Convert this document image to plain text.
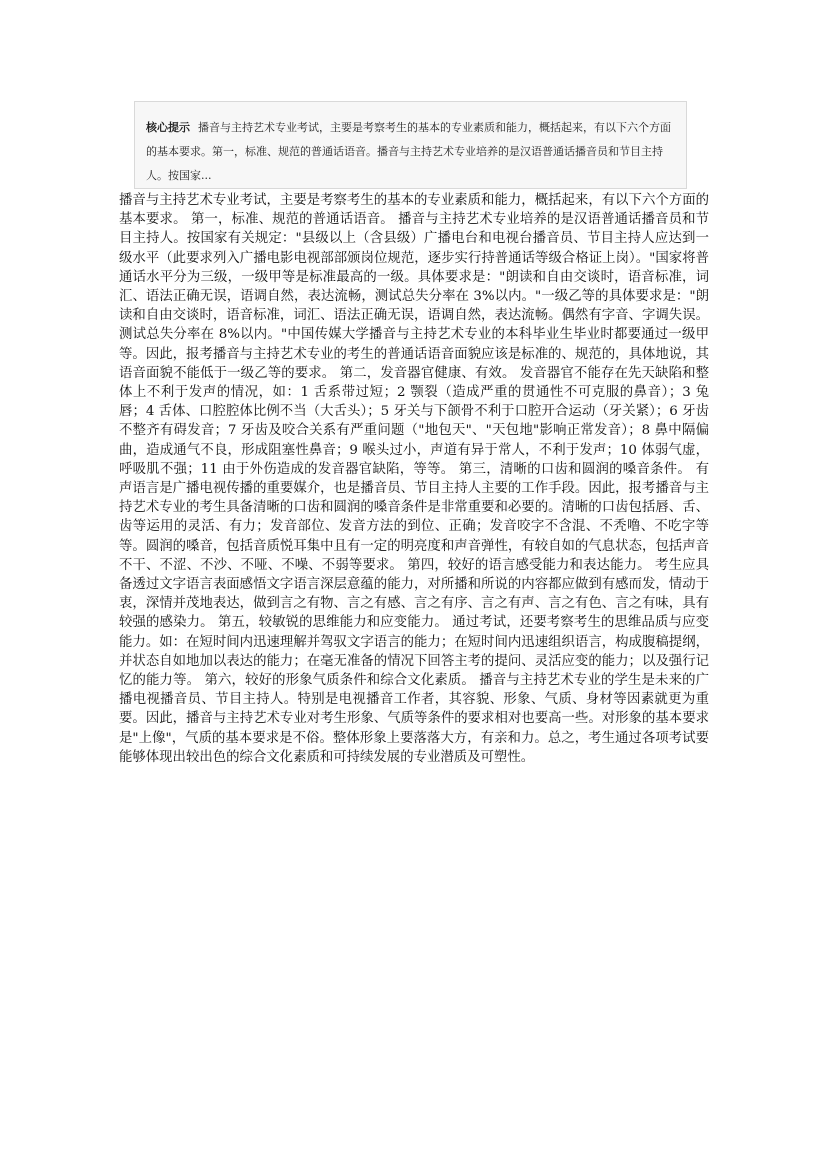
核心提示 播音与主持艺术专业考试，主要是考察考生的基本的专业素质和能力，概括起来，有以下六个方面的基本要求。第一，标准、规范的普通话语音。播音与主持艺术专业培养的是汉语普通话播音员和节目主持人。按国家...

播音与主持艺术专业考试，主要是考察考生的基本的专业素质和能力，概括起来，有以下六个方面的基本要求。 第一，标准、规范的普通话语音。 播音与主持艺术专业培养的是汉语普通话播音员和节目主持人。按国家有关规定："县级以上（含县级）广播电台和电视台播音员、节目主持人应达到一级水平（此要求列入广播电影电视部部颁岗位规范，逐步实行持普通话等级合格证上岗）。"国家将普通话水平分为三级，一级甲等是标准最高的一级。具体要求是："朗读和自由交谈时，语音标准，词汇、语法正确无误，语调自然，表达流畅，测试总失分率在 3%以内。"一级乙等的具体要求是："朗读和自由交谈时，语音标准，词汇、语法正确无误，语调自然，表达流畅。偶然有字音、字调失误。测试总失分率在 8%以内。"中国传媒大学播音与主持艺术专业的本科毕业生毕业时都要通过一级甲等。因此，报考播音与主持艺术专业的考生的普通话语音面貌应该是标准的、规范的，具体地说，其语音面貌不能低于一级乙等的要求。 第二，发音器官健康、有效。 发音器官不能存在先天缺陷和整体上不利于发声的情况，如：1 舌系带过短；2 颚裂（造成严重的贯通性不可克服的鼻音）；3 兔唇；4 舌体、口腔腔体比例不当（大舌头）；5 牙关与下颌骨不利于口腔开合运动（牙关紧）；6 牙齿不整齐有碍发音；7 牙齿及咬合关系有严重问题（"地包天"、"天包地"影响正常发音）；8 鼻中隔偏曲，造成通气不良，形成阻塞性鼻音；9 喉头过小，声道有异于常人，不利于发声；10 体弱气虚，呼吸肌不强；11 由于外伤造成的发音器官缺陷，等等。 第三，清晰的口齿和圆润的嗓音条件。 有声语言是广播电视传播的重要媒介，也是播音员、节目主持人主要的工作手段。因此，报考播音与主持艺术专业的考生具备清晰的口齿和圆润的嗓音条件是非常重要和必要的。清晰的口齿包括唇、舌、齿等运用的灵活、有力；发音部位、发音方法的到位、正确；发音咬字不含混、不秃噜、不吃字等等。圆润的嗓音，包括音质悦耳集中且有一定的明亮度和声音弹性，有较自如的气息状态，包括声音不干、不涩、不沙、不哑、不噪、不弱等要求。 第四，较好的语言感受能力和表达能力。 考生应具备透过文字语言表面感悟文字语言深层意蕴的能力，对所播和所说的内容都应做到有感而发，情动于衷，深情并茂地表达，做到言之有物、言之有感、言之有序、言之有声、言之有色、言之有味，具有较强的感染力。 第五，较敏锐的思维能力和应变能力。 通过考试，还要考察考生的思维品质与应变能力。如：在短时间内迅速理解并驾驭文字语言的能力；在短时间内迅速组织语言，构成腹稿提纲，并状态自如地加以表达的能力；在毫无准备的情况下回答主考的提问、灵活应变的能力；以及强行记忆的能力等。 第六，较好的形象气质条件和综合文化素质。 播音与主持艺术专业的学生是未来的广播电视播音员、节目主持人。特别是电视播音工作者，其容貌、形象、气质、身材等因素就更为重要。因此，播音与主持艺术专业对考生形象、气质等条件的要求相对也要高一些。对形象的基本要求是"上像"，气质的基本要求是不俗。整体形象上要落落大方，有亲和力。总之，考生通过各项考试要能够体现出较出色的综合文化素质和可持续发展的专业潜质及可塑性。
